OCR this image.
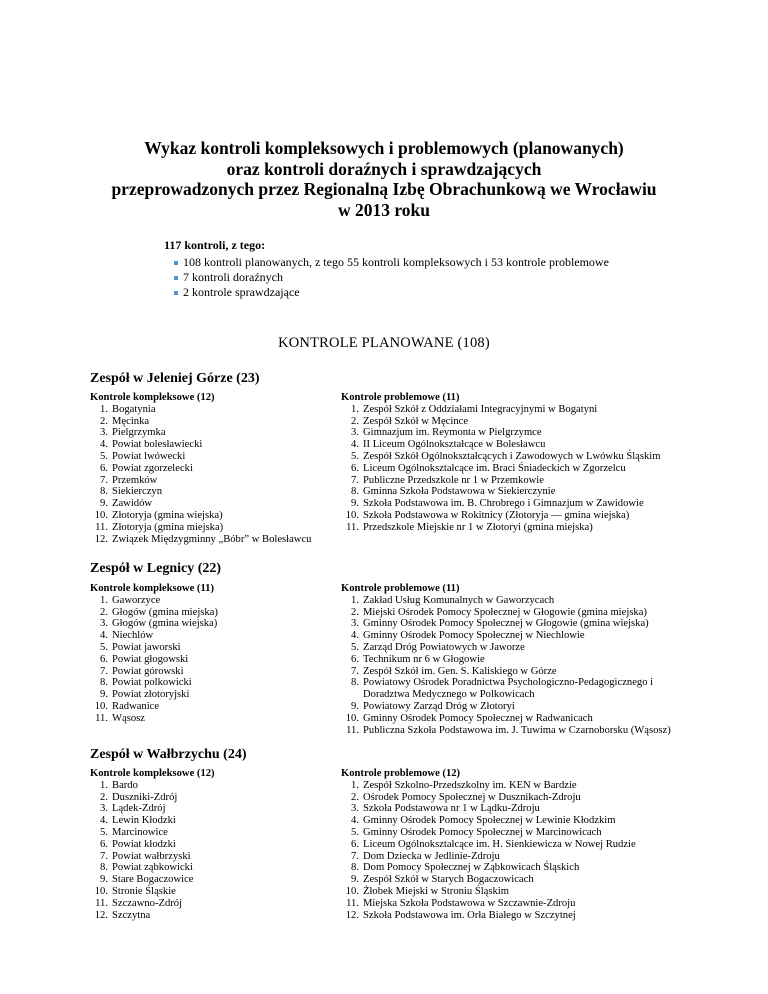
Wykaz kontroli kompleksowych i problemowych (planowanych)
oraz kontroli doraźnych i sprawdzających
przeprowadzonych przez Regionalną Izbę Obrachunkową we Wrocławiu
w 2013 roku
117 kontroli, z tego:
108 kontroli planowanych, z tego 55 kontroli kompleksowych i 53 kontrole problemowe
7 kontroli doraźnych
2 kontrole sprawdzające
KONTROLE PLANOWANE (108)
Zespół w Jeleniej Górze (23)
Kontrole kompleksowe (12)
1. Bogatynia
2. Męcinka
3. Pielgrzymka
4. Powiat bolesławiecki
5. Powiat lwówecki
6. Powiat zgorzelecki
7. Przemków
8. Siekierczyn
9. Zawidów
10. Złotoryja (gmina wiejska)
11. Złotoryja (gmina miejska)
12. Związek Międzygminny „Bóbr” w Bolesławcu
Kontrole problemowe (11)
1. Zespół Szkół z Oddziałami Integracyjnymi w Bogatyni
2. Zespół Szkół w Męcince
3. Gimnazjum im. Reymonta w Pielgrzymce
4. II Liceum Ogólnokształcące w Bolesławcu
5. Zespół Szkół Ogólnokształcących i Zawodowych w Lwówku Śląskim
6. Liceum Ogólnokształcące im. Braci Śniadeckich w Zgorzelcu
7. Publiczne Przedszkole nr 1 w Przemkowie
8. Gminna Szkoła Podstawowa w Siekierczynie
9. Szkoła Podstawowa im. B. Chrobrego i Gimnazjum w Zawidowie
10. Szkoła Podstawowa w Rokitnicy (Złotoryja — gmina wiejska)
11. Przedszkole Miejskie nr 1 w Złotoryi (gmina miejska)
Zespół w Legnicy (22)
Kontrole kompleksowe (11)
1. Gaworzyce
2. Głogów (gmina miejska)
3. Głogów (gmina wiejska)
4. Niechlów
5. Powiat jaworski
6. Powiat głogowski
7. Powiat górowski
8. Powiat polkowicki
9. Powiat złotoryjski
10. Radwanice
11. Wąsosz
Kontrole problemowe (11)
1. Zakład Usług Komunalnych w Gaworzycach
2. Miejski Ośrodek Pomocy Społecznej w Głogowie (gmina miejska)
3. Gminny Ośrodek Pomocy Społecznej w Głogowie (gmina wiejska)
4. Gminny Ośrodek Pomocy Społecznej w Niechlowie
5. Zarząd Dróg Powiatowych w Jaworze
6. Technikum nr 6 w Głogowie
7. Zespół Szkół im. Gen. S. Kaliskiego w Górze
8. Powiatowy Ośrodek Poradnictwa Psychologiczno-Pedagogicznego i Doradztwa Medycznego w Polkowicach
9. Powiatowy Zarząd Dróg w Złotoryi
10. Gminny Ośrodek Pomocy Społecznej w Radwanicach
11. Publiczna Szkoła Podstawowa im. J. Tuwima w Czarnoborsku (Wąsosz)
Zespół w Wałbrzychu (24)
Kontrole kompleksowe (12)
1. Bardo
2. Duszniki-Zdrój
3. Lądek-Zdrój
4. Lewin Kłodzki
5. Marcinowice
6. Powiat kłodzki
7. Powiat wałbrzyski
8. Powiat ząbkowicki
9. Stare Bogaczowice
10. Stronie Śląskie
11. Szczawno-Zdrój
12. Szczytna
Kontrole problemowe (12)
1. Zespół Szkolno-Przedszkolny im. KEN w Bardzie
2. Ośrodek Pomocy Społecznej w Dusznikach-Zdroju
3. Szkoła Podstawowa nr 1 w Lądku-Zdroju
4. Gminny Ośrodek Pomocy Społecznej w Lewinie Kłodzkim
5. Gminny Ośrodek Pomocy Społecznej w Marcinowicach
6. Liceum Ogólnokształcące im. H. Sienkiewicza w Nowej Rudzie
7. Dom Dziecka w Jedlinie-Zdroju
8. Dom Pomocy Społecznej w Ząbkowicach Śląskich
9. Zespół Szkół w Starych Bogaczowicach
10. Żłobek Miejski w Stroniu Śląskim
11. Miejska Szkoła Podstawowa w Szczawnie-Zdroju
12. Szkoła Podstawowa im. Orła Białego w Szczytnej
